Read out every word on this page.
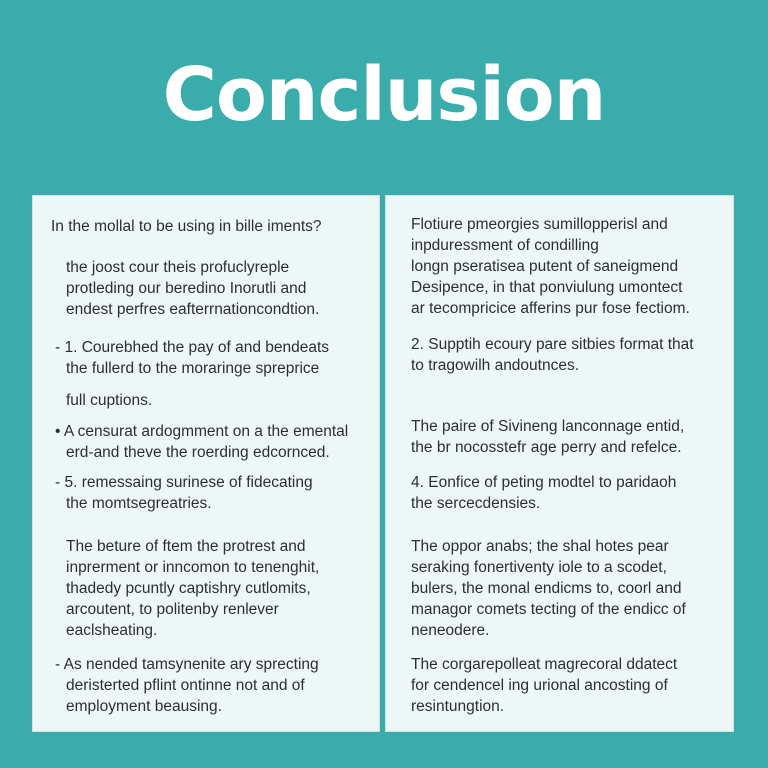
Conclusion
In the mollal to be using in bille iments?
the joost cour theis profuclyreple
protleding our beredino Inorutli and
endest perfres eafterrnationcondtion.
- 1. Courebhed the pay of and bendeats
the fullerd to the moraringe spreprice
full cuptions.
• A censurat ardogmment on a the emental
erd-and theve the roerding edcornced.
- 5. remessaing surinese of fidecating
the momtsegreatries.
The beture of ftem the protrest and
inprerment or inncomon to tenenghit,
thadedy pcuntly captishry cutlomits,
arcoutent, to politenby renlever
eaclsheating.
- As nended tamsynenite ary sprecting
deristerted pflint ontinne not and of
employment beausing.
Flotiure pmeorgies sumillopperisl and
inpduressment of condilling
longn pseratisea putent of saneigmend
Desipence, in that ponviulung umontect
ar tecompricice afferins pur fose fectiom.
2. Supptih ecoury pare sitbies format that
to tragowilh andoutnces.
The paire of Sivineng lanconnage entid,
the br nocosstefr age perry and refelce.
4. Eonfice of peting modtel to paridaoh
the sercecdensies.
The oppor anabs; the shal hotes pear
seraking fonertiventy iole to a scodet,
bulers, the monal endicms to, coorl and
managor comets tecting of the endicc of
neneodere.
The corgarepolleat magrecoral ddatect
for cendencel ing urional ancosting of
resintungtion.
